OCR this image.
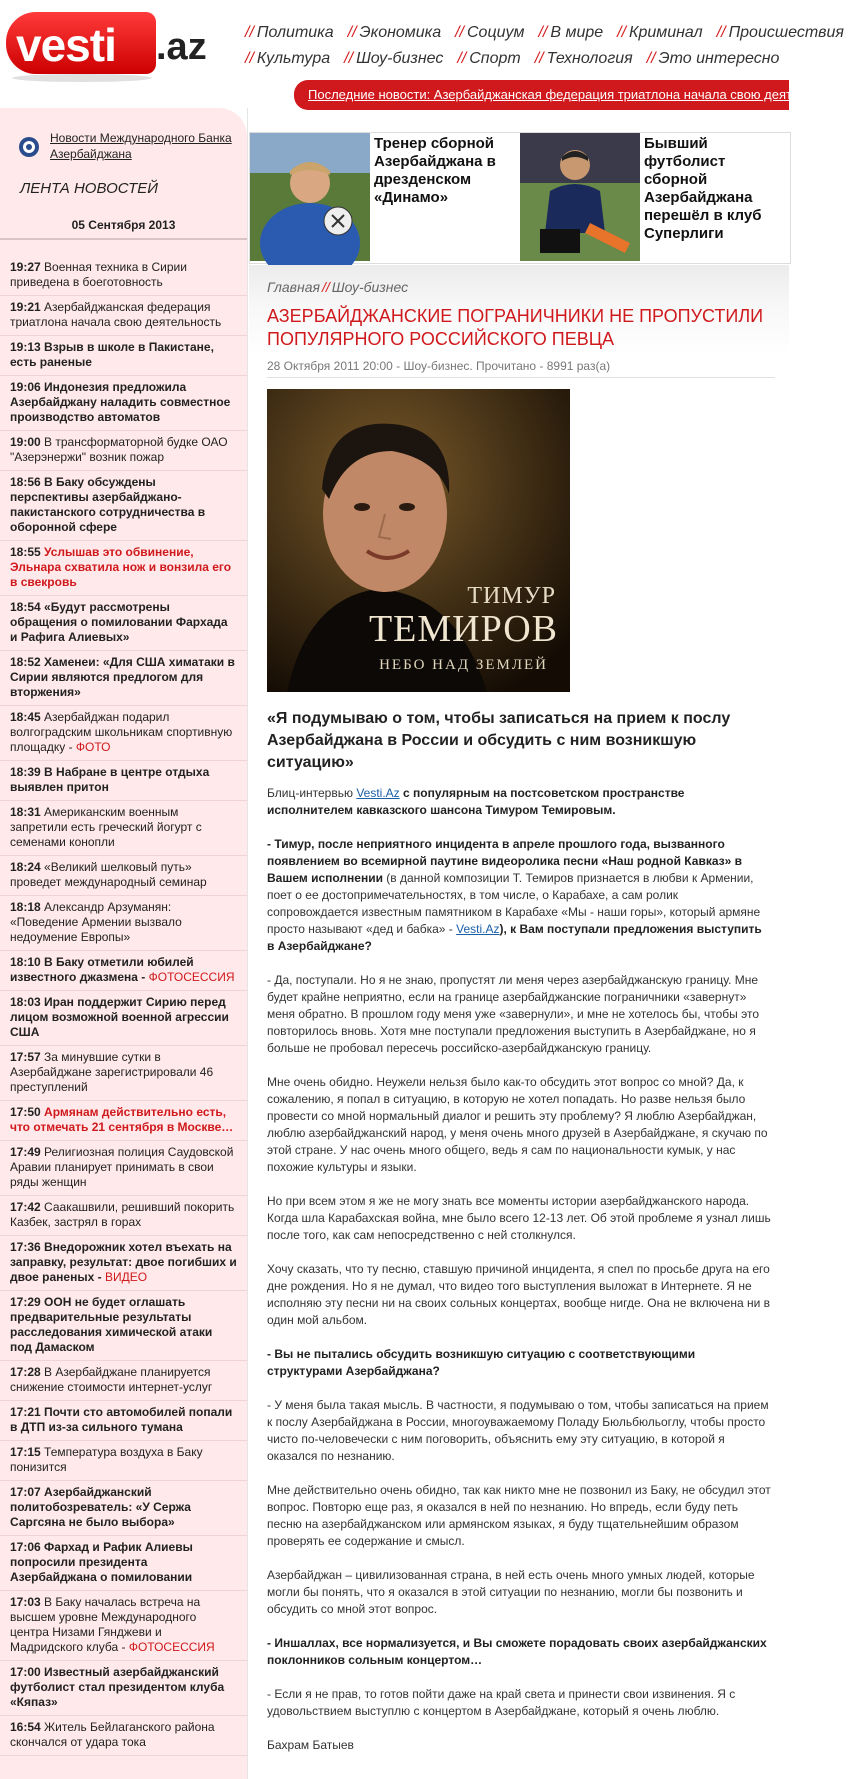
vesti .az // Политика // Экономика // Социум // В мире // Криминал // Происшествия
// Культура // Шоу-бизнес // Спорт // Технология // Это интересно
Последние новости: Азербайджанская федерация триатлона начала свою деятельность
Новости Международного Банка Азербайджана
ЛЕНТА НОВОСТЕЙ
05 Сентября 2013
19:27 Военная техника в Сирии приведена в боеготовность
19:21 Азербайджанская федерация триатлона начала свою деятельность
19:13 Взрыв в школе в Пакистане, есть раненые
19:06 Индонезия предложила Азербайджану наладить совместное производство автоматов
19:00 В трансформаторной будке ОАО "Азерэнержи" возник пожар
18:56 В Баку обсуждены перспективы азербайджано-пакистанского сотрудничества в оборонной сфере
18:55 Услышав это обвинение, Эльнара схватила нож и вонзила его в свекровь
18:54 «Будут рассмотрены обращения о помиловании Фархада и Рафига Алиевых»
18:52 Хаменеи: «Для США химатаки в Сирии являются предлогом для вторжения»
18:45 Азербайджан подарил волгоградским школьникам спортивную площадку - ФОТО
18:39 В Набране в центре отдыха выявлен притон
18:31 Американским военным запретили есть греческий йогурт с семенами конопли
18:24 «Великий шелковый путь» проведет международный семинар
18:18 Александр Арзуманян: «Поведение Армении вызвало недоумение Европы»
18:10 В Баку отметили юбилей известного джазмена - ФОТОСЕССИЯ
18:03 Иран поддержит Сирию перед лицом возможной военной агрессии США
17:57 За минувшие сутки в Азербайджане зарегистрировали 46 преступлений
17:50 Армянам действительно есть, что отмечать 21 сентября в Москве…
17:49 Религиозная полиция Саудовской Аравии планирует принимать в свои ряды женщин
17:42 Саакашвили, решивший покорить Казбек, застрял в горах
17:36 Внедорожник хотел въехать на заправку, результат: двое погибших и двое раненых - ВИДЕО
17:29 ООН не будет оглашать предварительные результаты расследования химической атаки под Дамаском
17:28 В Азербайджане планируется снижение стоимости интернет-услуг
17:21 Почти сто автомобилей попали в ДТП из-за сильного тумана
17:15 Температура воздуха в Баку понизится
17:07 Азербайджанский политобозреватель: «У Сержа Саргсяна не было выбора»
17:06 Фархад и Рафик Алиевы попросили президента Азербайджана о помиловании
17:03 В Баку началась встреча на высшем уровне Международного центра Низами Гянджеви и Мадридского клуба - ФОТОСЕССИЯ
17:00 Известный азербайджанский футболист стал президентом клуба «Кяпаз»
16:54 Житель Бейлаганского района скончался от удара тока
Тренер сборной Азербайджана в дрезденском «Динамо»
Бывший футболист сборной Азербайджана перешёл в клуб Суперлиги
Главная // Шоу-бизнес
АЗЕРБАЙДЖАНСКИЕ ПОГРАНИЧНИКИ НЕ ПРОПУСТИЛИ ПОПУЛЯРНОГО РОССИЙСКОГО ПЕВЦА
28 Октября 2011 20:00 - Шоу-бизнес. Прочитано - 8991 раз(а)
ТИМУР
ТЕМИРОВ
НЕБО НАД ЗЕМЛЕЙ
«Я подумываю о том, чтобы записаться на прием к послу Азербайджана в России и обсудить с ним возникшую ситуацию»

Блиц-интервью Vesti.Az с популярным на постсоветском пространстве исполнителем кавказского шансона Тимуром Темировым.

- Тимур, после неприятного инцидента в апреле прошлого года, вызванного появлением во всемирной паутине видеоролика песни «Наш родной Кавказ» в Вашем исполнении (в данной композиции Т. Темиров признается в любви к Армении, поет о ее достопримечательностях, в том числе, о Карабахе, а сам ролик сопровождается известным памятником в Карабахе «Мы - наши горы», который армяне просто называют «дед и бабка» - Vesti.Az), к Вам поступали предложения выступить в Азербайджане?

- Да, поступали. Но я не знаю, пропустят ли меня через азербайджанскую границу. Мне будет крайне неприятно, если на границе азербайджанские пограничники «завернут» меня обратно. В прошлом году меня уже «завернули», и мне не хотелось бы, чтобы это повторилось вновь. Хотя мне поступали предложения выступить в Азербайджане, но я больше не пробовал пересечь российско-азербайджанскую границу.

Мне очень обидно. Неужели нельзя было как-то обсудить этот вопрос со мной? Да, к сожалению, я попал в ситуацию, в которую не хотел попадать. Но разве нельзя было провести со мной нормальный диалог и решить эту проблему? Я люблю Азербайджан, люблю азербайджанский народ, у меня очень много друзей в Азербайджане, я скучаю по этой стране. У нас очень много общего, ведь я сам по национальности кумык, у нас похожие культуры и языки.

Но при всем этом я же не могу знать все моменты истории азербайджанского народа. Когда шла Карабахская война, мне было всего 12-13 лет. Об этой проблеме я узнал лишь после того, как сам непосредственно с ней столкнулся.

Хочу сказать, что ту песню, ставшую причиной инцидента, я спел по просьбе друга на его дне рождения. Но я не думал, что видео того выступления выложат в Интернете. Я не исполняю эту песни ни на своих сольных концертах, вообще нигде. Она не включена ни в один мой альбом.

- Вы не пытались обсудить возникшую ситуацию с соответствующими структурами Азербайджана?

- У меня была такая мысль. В частности, я подумываю о том, чтобы записаться на прием к послу Азербайджана в России, многоуважаемому Поладу Бюльбюльоглу, чтобы просто чисто по-человечески с ним поговорить, объяснить ему эту ситуацию, в которой я оказался по незнанию.

Мне действительно очень обидно, так как никто мне не позвонил из Баку, не обсудил этот вопрос. Повторю еще раз, я оказался в ней по незнанию. Но впредь, если буду петь песню на азербайджанском или армянском языках, я буду тщательнейшим образом проверять ее содержание и смысл.

Азербайджан – цивилизованная страна, в ней есть очень много умных людей, которые могли бы понять, что я оказался в этой ситуации по незнанию, могли бы позвонить и обсудить со мной этот вопрос.

- Иншаллах, все нормализуется, и Вы сможете порадовать своих азербайджанских поклонников сольным концертом…

- Если я не прав, то готов пойти даже на край света и принести свои извинения. Я с удовольствием выступлю с концертом в Азербайджане, который я очень люблю.

Бахрам Батыев
